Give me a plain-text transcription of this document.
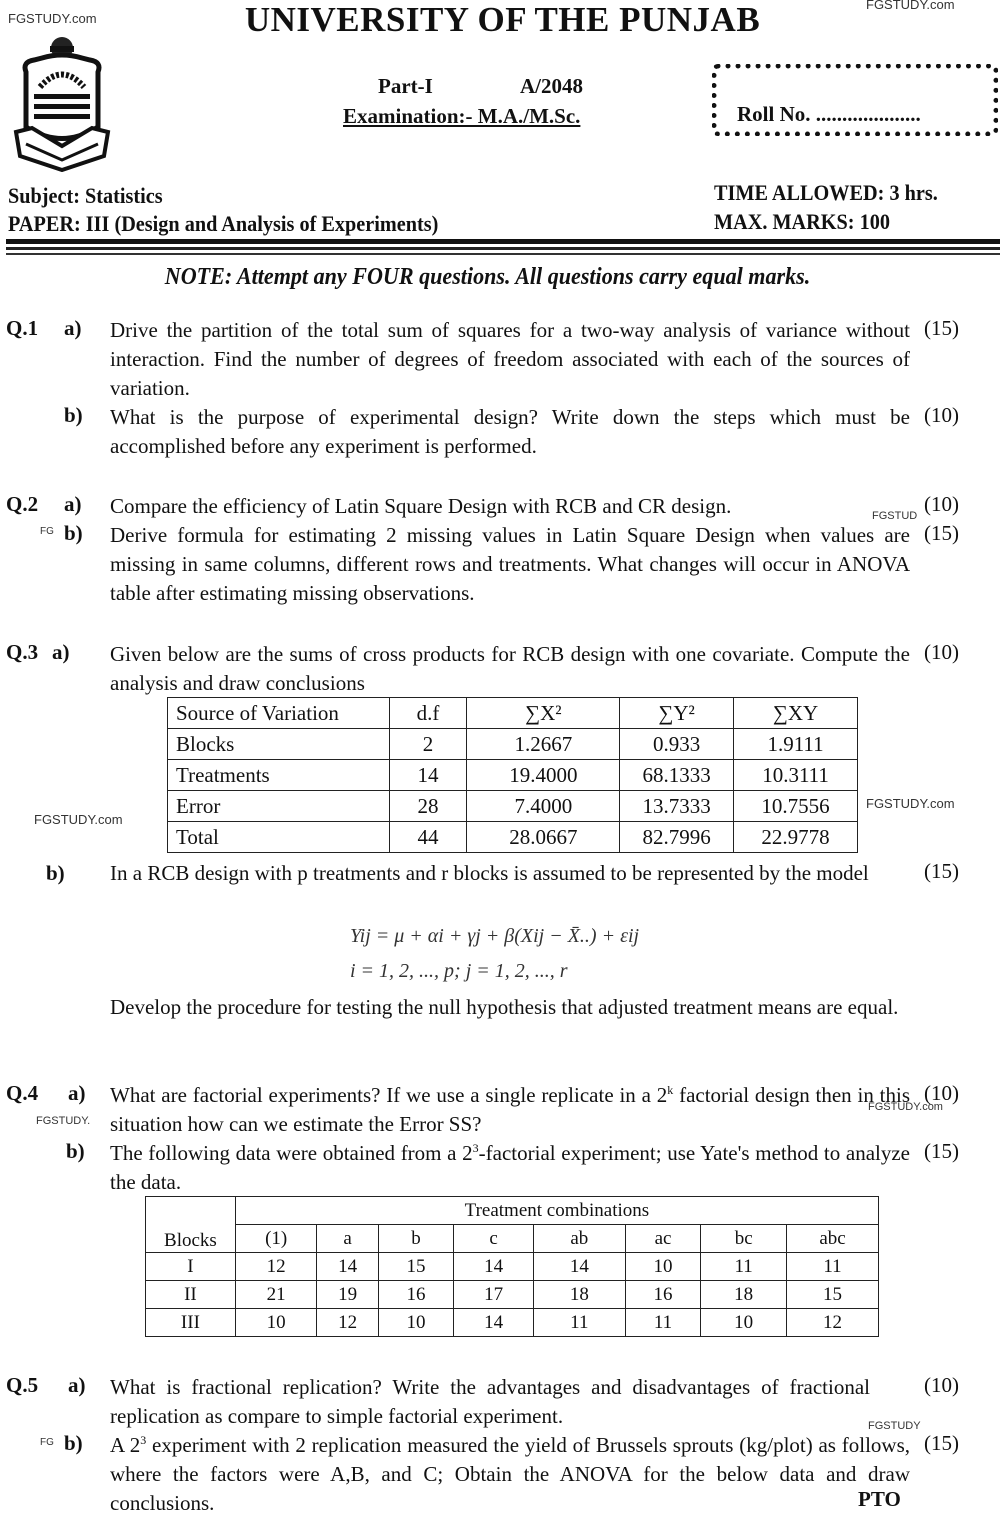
FGSTUDY.com
FGSTUDY.com
UNIVERSITY OF THE PUNJAB
Part-I	A/2048
Examination:- M.A./M.Sc.	Roll No. ....................
Subject: Statistics
PAPER: III (Design and Analysis of Experiments)
TIME ALLOWED: 3 hrs.
MAX. MARKS: 100
NOTE: Attempt any FOUR questions. All questions carry equal marks.
Q.1 a) Drive the partition of the total sum of squares for a two-way analysis of variance without interaction. Find the number of degrees of freedom associated with each of the sources of variation.
(15)
b) What is the purpose of experimental design? Write down the steps which must be accomplished before any experiment is performed.
(10)
Q.2 a) Compare the efficiency of Latin Square Design with RCB and CR design.	(10)
FGSTUD
FG b) Derive formula for estimating 2 missing values in Latin Square Design when values are missing in same columns, different rows and treatments. What changes will occur in ANOVA table after estimating missing observations.
(15)
Q.3 a) Given below are the sums of cross products for RCB design with one covariate. Compute the analysis and draw conclusions
(10)
Source of Variation	d.f	∑X²	∑Y²	∑XY
Blocks	2	1.2667	0.933	1.9111
Treatments	14	19.4000	68.1333	10.3111
Error	28	7.4000	13.7333	10.7556
Total	44	28.0667	82.7996	22.9778
FGSTUDY.com
FGSTUDY.com
b) In a RCB design with p treatments and r blocks is assumed to be represented by the model	(15)
Yij = μ + αi + γj + β(Xij − X̄..) + εij
i = 1, 2, ..., p; j = 1, 2, ..., r
Develop the procedure for testing the null hypothesis that adjusted treatment means are equal.
Q.4 a) What are factorial experiments? If we use a single replicate in a 2$^k$ factorial design then in this situation how can we estimate the Error SS?
(10)
FGSTUDY.
FGSTUDY.com
b) The following data were obtained from a $2^3$-factorial experiment; use Yate's method to analyze the data.
(15)
Blocks	Treatment combinations							
	(1)	a	b	c	ab	ac	bc	abc
I	12	14	15	14	14	10	11	11
II	21	19	16	17	18	16	18	15
III	10	12	10	14	11	11	10	12
Q.5 a) What is fractional replication? Write the advantages and disadvantages of fractional replication as compare to simple factorial experiment.
(10)
FG
FGSTUDY
b) A $2^3$ experiment with 2 replication measured the yield of Brussels sprouts (kg/plot) as follows, where the factors were A,B, and C; Obtain the ANOVA for the below data and draw conclusions.
(15)
PTO
